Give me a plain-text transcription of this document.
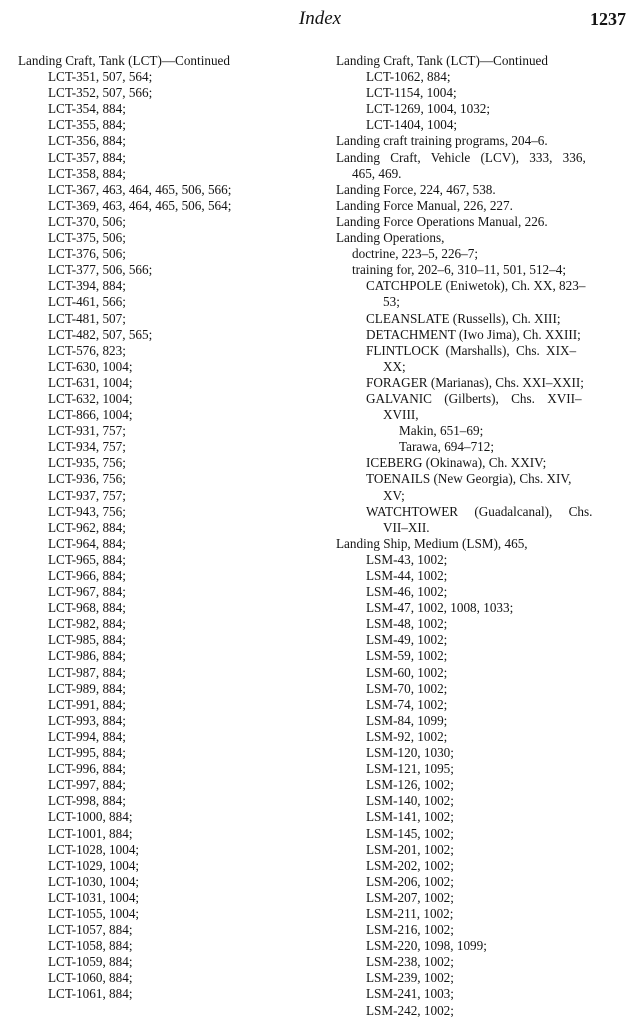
Index	1237
Landing Craft, Tank (LCT)—Continued
LCT-351, 507, 564;
LCT-352, 507, 566;
LCT-354, 884;
LCT-355, 884;
LCT-356, 884;
LCT-357, 884;
LCT-358, 884;
LCT-367, 463, 464, 465, 506, 566;
LCT-369, 463, 464, 465, 506, 564;
LCT-370, 506;
LCT-375, 506;
LCT-376, 506;
LCT-377, 506, 566;
LCT-394, 884;
LCT-461, 566;
LCT-481, 507;
LCT-482, 507, 565;
LCT-576, 823;
LCT-630, 1004;
LCT-631, 1004;
LCT-632, 1004;
LCT-866, 1004;
LCT-931, 757;
LCT-934, 757;
LCT-935, 756;
LCT-936, 756;
LCT-937, 757;
LCT-943, 756;
LCT-962, 884;
LCT-964, 884;
LCT-965, 884;
LCT-966, 884;
LCT-967, 884;
LCT-968, 884;
LCT-982, 884;
LCT-985, 884;
LCT-986, 884;
LCT-987, 884;
LCT-989, 884;
LCT-991, 884;
LCT-993, 884;
LCT-994, 884;
LCT-995, 884;
LCT-996, 884;
LCT-997, 884;
LCT-998, 884;
LCT-1000, 884;
LCT-1001, 884;
LCT-1028, 1004;
LCT-1029, 1004;
LCT-1030, 1004;
LCT-1031, 1004;
LCT-1055, 1004;
LCT-1057, 884;
LCT-1058, 884;
LCT-1059, 884;
LCT-1060, 884;
LCT-1061, 884;
Landing Craft, Tank (LCT)—Continued
LCT-1062, 884;
LCT-1154, 1004;
LCT-1269, 1004, 1032;
LCT-1404, 1004;
Landing craft training programs, 204–6.
Landing Craft, Vehicle (LCV), 333, 336,
465, 469.
Landing Force, 224, 467, 538.
Landing Force Manual, 226, 227.
Landing Force Operations Manual, 226.
Landing Operations,
doctrine, 223–5, 226–7;
training for, 202–6, 310–11, 501, 512–4;
CATCHPOLE (Eniwetok), Ch. XX, 823–
53;
CLEANSLATE (Russells), Ch. XIII;
DETACHMENT (Iwo Jima), Ch. XXIII;
FLINTLOCK (Marshalls), Chs. XIX–
XX;
FORAGER (Marianas), Chs. XXI–XXII;
GALVANIC (Gilberts), Chs. XVII–
XVIII,
Makin, 651–69;
Tarawa, 694–712;
ICEBERG (Okinawa), Ch. XXIV;
TOENAILS (New Georgia), Chs. XIV,
XV;
WATCHTOWER (Guadalcanal), Chs.
VII–XII.
Landing Ship, Medium (LSM), 465,
LSM-43, 1002;
LSM-44, 1002;
LSM-46, 1002;
LSM-47, 1002, 1008, 1033;
LSM-48, 1002;
LSM-49, 1002;
LSM-59, 1002;
LSM-60, 1002;
LSM-70, 1002;
LSM-74, 1002;
LSM-84, 1099;
LSM-92, 1002;
LSM-120, 1030;
LSM-121, 1095;
LSM-126, 1002;
LSM-140, 1002;
LSM-141, 1002;
LSM-145, 1002;
LSM-201, 1002;
LSM-202, 1002;
LSM-206, 1002;
LSM-207, 1002;
LSM-211, 1002;
LSM-216, 1002;
LSM-220, 1098, 1099;
LSM-238, 1002;
LSM-239, 1002;
LSM-241, 1003;
LSM-242, 1002;
